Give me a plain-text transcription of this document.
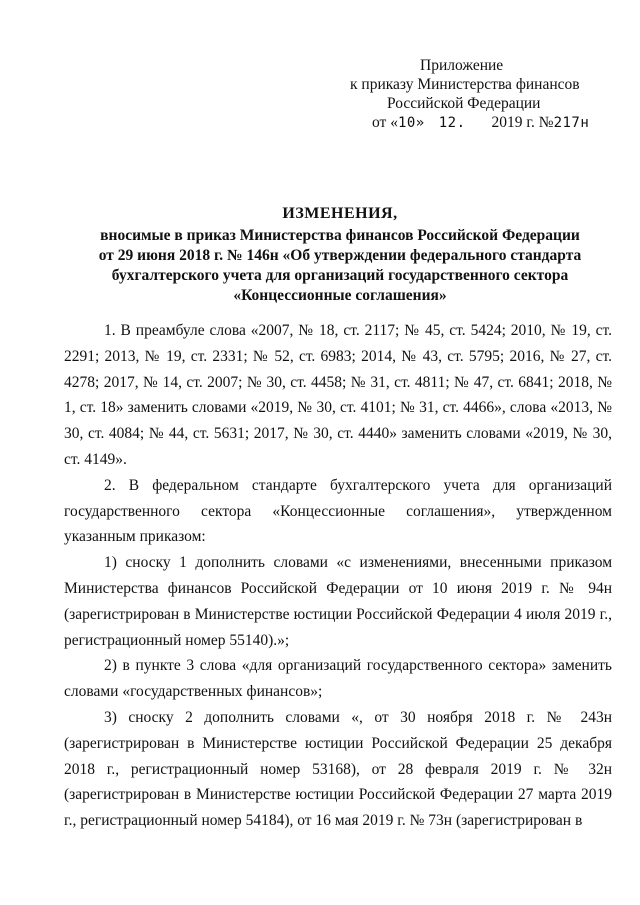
Приложение
к приказу Министерства финансов
Российской Федерации
от «10» 12. 2019 г. №217н
ИЗМЕНЕНИЯ,
вносимые в приказ Министерства финансов Российской Федерации
от 29 июня 2018 г. № 146н «Об утверждении федерального стандарта
бухгалтерского учета для организаций государственного сектора
«Концессионные соглашения»

1. В преамбуле слова «2007, № 18, ст. 2117; № 45, ст. 5424; 2010, № 19, ст. 2291; 2013, № 19, ст. 2331; № 52, ст. 6983; 2014, № 43, ст. 5795; 2016, № 27, ст. 4278; 2017, № 14, ст. 2007; № 30, ст. 4458; № 31, ст. 4811; № 47, ст. 6841; 2018, № 1, ст. 18» заменить словами «2019, № 30, ст. 4101; № 31, ст. 4466», слова «2013, № 30, ст. 4084; № 44, ст. 5631; 2017, № 30, ст. 4440» заменить словами «2019, № 30, ст. 4149».

2. В федеральном стандарте бухгалтерского учета для организаций государственного сектора «Концессионные соглашения», утвержденном указанным приказом:

1) сноску 1 дополнить словами «с изменениями, внесенными приказом Министерства финансов Российской Федерации от 10 июня 2019 г. № 94н (зарегистрирован в Министерстве юстиции Российской Федерации 4 июля 2019 г., регистрационный номер 55140).»;

2) в пункте 3 слова «для организаций государственного сектора» заменить словами «государственных финансов»;

3) сноску 2 дополнить словами «, от 30 ноября 2018 г. № 243н (зарегистрирован в Министерстве юстиции Российской Федерации 25 декабря 2018 г., регистрационный номер 53168), от 28 февраля 2019 г. № 32н (зарегистрирован в Министерстве юстиции Российской Федерации 27 марта 2019 г., регистрационный номер 54184), от 16 мая 2019 г. № 73н (зарегистрирован в
